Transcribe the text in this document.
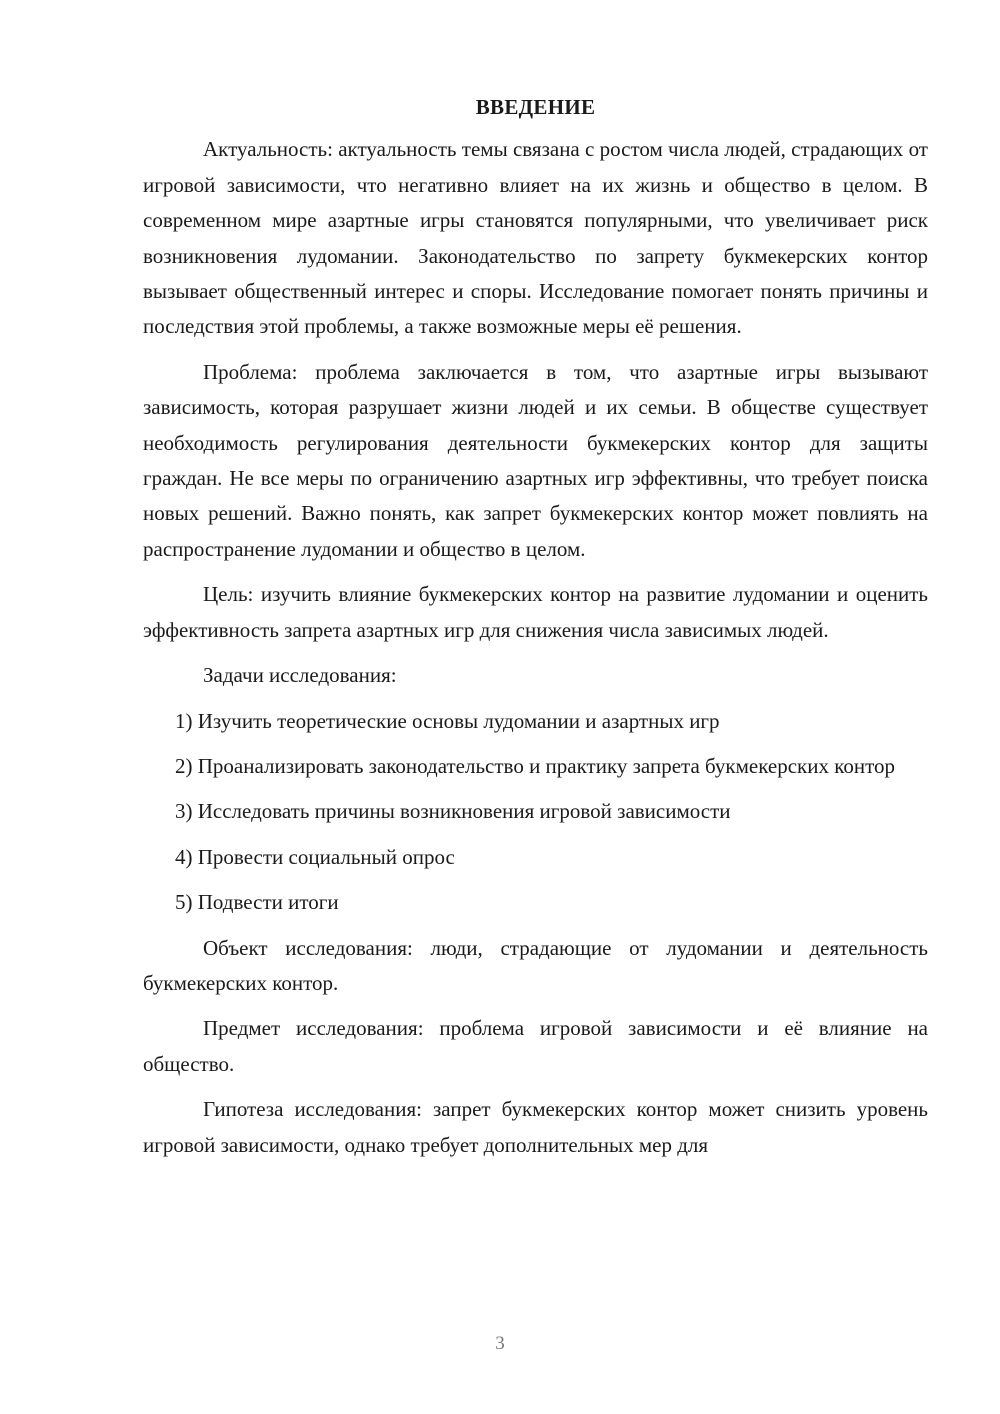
ВВЕДЕНИЕ
Актуальность: актуальность темы связана с ростом числа людей, страдающих от игровой зависимости, что негативно влияет на их жизнь и общество в целом. В современном мире азартные игры становятся популярными, что увеличивает риск возникновения лудомании. Законодательство по запрету букмекерских контор вызывает общественный интерес и споры. Исследование помогает понять причины и последствия этой проблемы, а также возможные меры её решения.
Проблема: проблема заключается в том, что азартные игры вызывают зависимость, которая разрушает жизни людей и их семьи. В обществе существует необходимость регулирования деятельности букмекерских контор для защиты граждан. Не все меры по ограничению азартных игр эффективны, что требует поиска новых решений. Важно понять, как запрет букмекерских контор может повлиять на распространение лудомании и общество в целом.
Цель: изучить влияние букмекерских контор на развитие лудомании и оценить эффективность запрета азартных игр для снижения числа зависимых людей.
Задачи исследования:
1) Изучить теоретические основы лудомании и азартных игр
2) Проанализировать законодательство и практику запрета букмекерских контор
3) Исследовать причины возникновения игровой зависимости
4) Провести социальный опрос
5) Подвести итоги
Объект исследования: люди, страдающие от лудомании и деятельность букмекерских контор.
Предмет исследования: проблема игровой зависимости и её влияние на общество.
Гипотеза исследования: запрет букмекерских контор может снизить уровень игровой зависимости, однако требует дополнительных мер для
3
